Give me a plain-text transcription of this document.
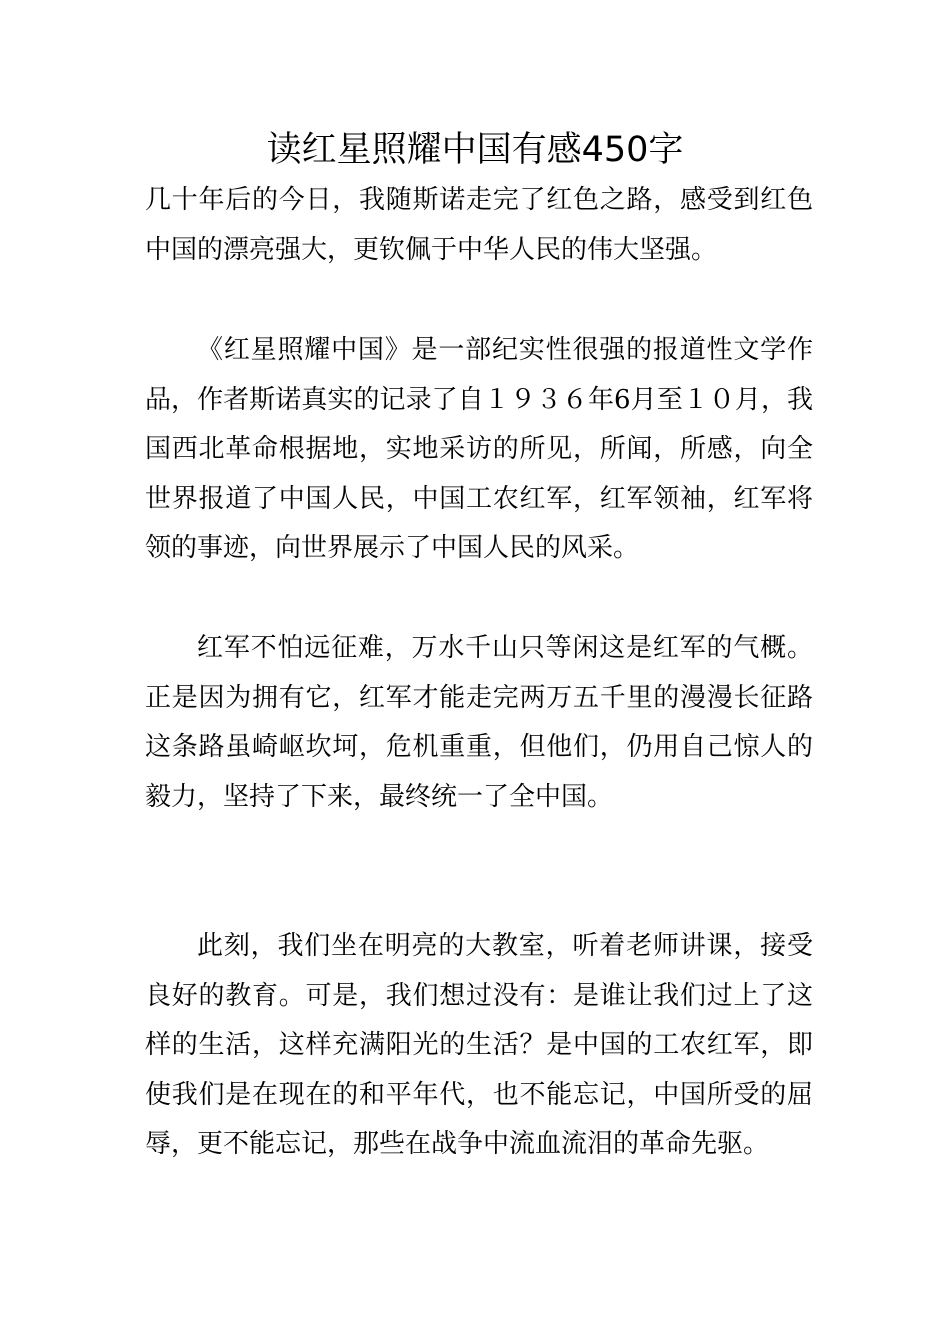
读红星照耀中国有感450字

几十年后的今日，我随斯诺走完了红色之路，感受到红色中国的漂亮强大，更钦佩于中华人民的伟大坚强。

《红星照耀中国》是一部纪实性很强的报道性文学作品，作者斯诺真实的记录了自１９３６年6月至１０月，我国西北革命根据地，实地采访的所见，所闻，所感，向全世界报道了中国人民，中国工农红军，红军领袖，红军将领的事迹，向世界展示了中国人民的风采。

红军不怕远征难，万水千山只等闲这是红军的气概。正是因为拥有它，红军才能走完两万五千里的漫漫长征路这条路虽崎岖坎坷，危机重重，但他们，仍用自己惊人的毅力，坚持了下来，最终统一了全中国。

此刻，我们坐在明亮的大教室，听着老师讲课，接受良好的教育。可是，我们想过没有：是谁让我们过上了这样的生活，这样充满阳光的生活？是中国的工农红军，即使我们是在现在的和平年代，也不能忘记，中国所受的屈辱，更不能忘记，那些在战争中流血流泪的革命先驱。
